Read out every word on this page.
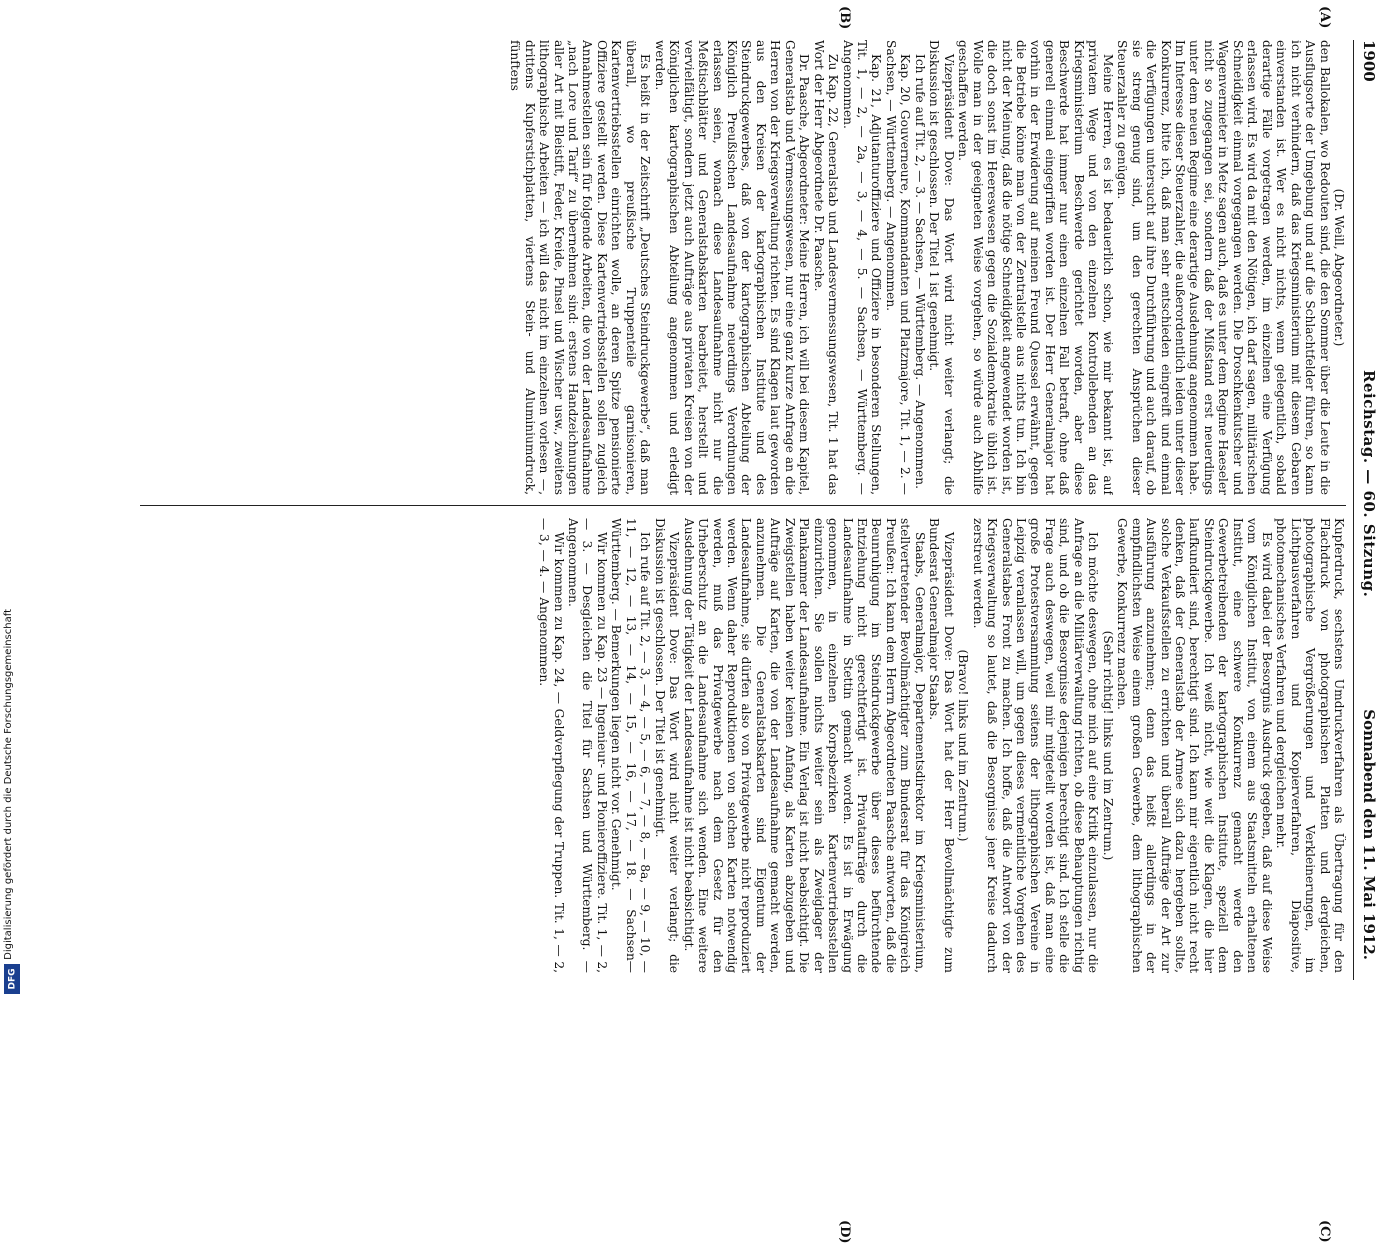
1900
Reichstag. — 60. Sitzung.
Sonnabend den 11. Mai 1912.

(Dr. Weill, Abgeordneter.)

den Ballokalen, wo Redouten sind, die den Sommer über die Leute in die Ausflugsorte der Umgebung und auf die Schlachtfelder führen, so kann ich nicht verhindern, daß das Kriegsministerium mit diesem Gebaren einverstanden ist. Wer es nicht nichts, wenn gelegentlich, sobald derartige Fälle vorgetragen werden, im einzelnen eine Verfügung erlassen wird. Es wird da mit den Nötigen, ich darf sagen, militärischen Schneidigkeit einmal vorgegangen werden. Die Droschkenkutscher und Wagenvermieter in Metz sagen auch, daß es unter dem Regime Haeseler nicht so zugegangen sei, sondern daß der Mißstand erst neuerdings unter dem neuen Regime eine derartige Ausdehnung angenommen habe. Im Interesse dieser Steuerzahler, die außerordentlich leiden unter dieser Konkurrenz, bitte ich, daß man sehr entschieden eingreift und einmal die Verfügungen untersucht auf ihre Durchführung und auch darauf, ob sie streng genug sind, um den gerechten Ansprüchen dieser Steuerzahler zu genügen.

Meine Herren, es ist bedauerlich schon, wie mir bekannt ist, auf privatem Wege und von den einzelnen Kontrollebenden an das Kriegsministerium Beschwerde gerichtet worden, aber diese Beschwerde hat immer nur einen einzelnen Fall betraft, ohne daß generell einmal eingegriffen worden ist. Der Herr Generalmajor hat vorhin in der Erwiderung auf meinen Freund Quessel erwähnt, gegen die Betriebe könne man von der Zentralstelle aus nichts tun. Ich bin nicht der Meinung, daß die nötige Schneidigkeit angewendet worden ist, die doch sonst im Heereswesen gegen die Sozialdemokratie üblich ist. Wolle man in der geeigneten Weise vorgehen, so würde auch Abhilfe geschaffen werden.

Vizepräsident Dove: Das Wort wird nicht weiter verlangt; die Diskussion ist geschlossen. Der Titel 1 ist genehmigt.

Ich rufe auf Tit. 2, — 3. — Sachsen, — Württemberg. — Angenommen.

Kap. 20, Gouverneure, Kommandanten und Platzmajore, Tit. 1, — 2. — Sachsen, — Württemberg. — Angenommen.

Kap. 21, Adjutanturoffiziere und Offiziere in besonderen Stellungen, Tit. 1, — 2, — 2a, — 3, — 4, — 5. — Sachsen, — Württemberg. — Angenommen.

Zu Kap. 22, Generalstab und Landesvermessungswesen, Tit. 1 hat das Wort der Herr Abgeordnete Dr. Paasche.

Dr. Paasche, Abgeordneter: Meine Herren, ich will bei diesem Kapitel, Generalstab und Vermessungswesen, nur eine ganz kurze Anfrage an die Herren von der Kriegsverwaltung richten. Es sind Klagen laut geworden aus den Kreisen der kartographischen Institute und des Steindruckgewerbes, daß von der kartographischen Abteilung der Königlich Preußischen Landesaufnahme neuerdings Verordnungen erlassen seien, wonach diese Landesaufnahme nicht nur die Meßtischblätter und Generalstabskarten bearbeitet, herstellt und vervielfältigt, sondern jetzt auch Aufträge aus privaten Kreisen von der Königlichen kartographischen Abteilung angenommen und erledigt werden.

Es heißt in der Zeitschrift „Deutsches Steindruckgewerbe“, daß man überall, wo preußische Truppenteile garnisonieren, Kartenvertriebsstellen einrichten wolle, an deren Spitze pensionierte Offiziere gestellt werden. Diese Kartenvertriebsstellen sollen zugleich Annahmestellen sein für folgende Arbeiten, die von der Landesaufnahme „nach Lore und Tarif“ zu übernehmen sind: erstens Handzeichnungen aller Art mit Bleistift, Feder, Kreide, Pinsel und Wischer usw., zweitens lithographische Arbeiten — ich will das nicht im einzelnen vorlesen —, drittens Kupferstichplatten, viertens Stein- und Aluminiumdruck, fünftens

Kupferdruck, sechstens Umdruckverfahren als Übertragung für den Flachdruck von photographischen Platten und dergleichen, photographische Vergrößerungen und Verkleinerungen, im Lichtpausverfahren und Kopierverfahren, Diapositive, photomechanisches Verfahren und dergleichen mehr.

Es wird dabei der Besorgnis Ausdruck gegeben, daß auf diese Weise vom Königlichen Institut, von einem aus Staatsmitteln erhaltenen Institut, eine schwere Konkurrenz gemacht werde den Gewerbetreibenden der kartographischen Institute, speziell dem Steindruckgewerbe. Ich weiß nicht, wie weit die Klagen, die hier laufkundiert sind, berechtigt sind. Ich kann mir eigentlich nicht recht denken, daß der Generalstab der Armee sich dazu hergeben sollte, solche Verkaufsstellen zu errichten und überall Aufträge der Art zur Ausführung anzunehmen; denn das heißt allerdings in der empfindlichsten Weise einem großen Gewerbe, dem lithographischen Gewerbe, Konkurrenz machen.

(Sehr richtig! links und im Zentrum.)

Ich möchte deswegen, ohne mich auf eine Kritik einzulassen, nur die Anfrage an die Militärverwaltung richten, ob diese Behauptungen richtig sind, und ob die Besorgnisse derjenigen berechtigt sind. Ich stelle die Frage auch deswegen, weil mir mitgeteilt worden ist, daß man eine große Protestversammlung seitens der lithographischen Vereine in Leipzig veranlassen will, um gegen dieses vermeintliche Vorgehen des Generalstabes Front zu machen. Ich hoffe, daß die Antwort von der Kriegsverwaltung so lautet, daß die Besorgnisse jener Kreise dadurch zerstreut werden.

(Bravo! links und im Zentrum.)

Vizepräsident Dove: Das Wort hat der Herr Bevollmächtigte zum Bundesrat Generalmajor Staabs.

Staabs, Generalmajor, Departementsdirektor im Kriegsministerium, stellvertretender Bevollmächtigter zum Bundesrat für das Königreich Preußen: Ich kann dem Herrn Abgeordneten Paasche antworten, daß die Beunruhigung im Steindruckgewerbe über dieses befürchtende Entziehung nicht gerechtfertigt ist. Privataufträge durch die Landesaufnahme in Stettin gemacht worden. Es ist in Erwägung genommen, in einzelnen Korpsbezirken Kartenvertriebsstellen einzurichten. Sie sollen nichts weiter sein als Zweiglager der Plankammer der Landesaufnahme. Ein Verlag ist nicht beabsichtigt. Die Zweigstellen haben weiter keinen Anfang, als Karten abzugeben und Aufträge auf Karten, die von der Landesaufnahme gemacht werden, anzunehmen. Die Generalstabskarten sind Eigentum der Landesaufnahme, sie dürfen also von Privatgewerbe nicht reproduziert werden. Wenn daher Reproduktionen von solchen Karten notwendig werden, muß das Privatgewerbe nach dem Gesetz für den Urheberschutz an die Landesaufnahme sich wenden. Eine weitere Ausdehnung der Tätigkeit der Landesaufnahme ist nicht beabsichtigt.

Vizepräsident Dove: Das Wort wird nicht weiter verlangt; die Diskussion ist geschlossen. Der Titel ist genehmigt.

Ich rufe auf Tit. 2, — 3, — 4, — 5, — 6, — 7, — 8, — 8a, — 9, — 10, — 11, — 12, — 13, — 14, — 15, — 16, — 17, — 18. — Sachsen—Württemberg. — Bemerkungen liegen nicht vor. Genehmigt.

Wir kommen zu Kap. 23 — Ingenieur- und Pionieroffiziere. Tit. 1, — 2, — 3. — Desgleichen die Titel für Sachsen und Württemberg. — Angenommen.

Wir kommen zu Kap. 24, — Geldverpflegung der Truppen. Tit. 1, — 2, — 3, — 4. — Angenommen.

(A)
(B)
(C)
(D)
Digitalisierung gefördert durch die Deutsche Forschungsgemeinschaft
DFG
